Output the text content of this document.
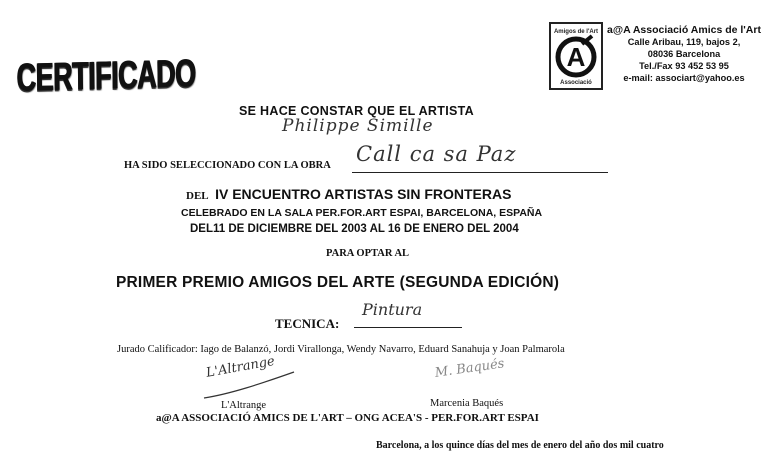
CERTIFICADO
Amigos de l'Art
A
Associació
a@A Associació Amics de l'Art
Calle Aribau, 119, bajos 2,
08036 Barcelona
Tel./Fax 93 452 53 95
e-mail: associart@yahoo.es
SE HACE CONSTAR QUE EL ARTISTA
Philippe Simille
HA SIDO SELECCIONADO CON LA OBRA Call ca sa Paz
DEL IV ENCUENTRO ARTISTAS SIN FRONTERAS
CELEBRADO EN LA SALA PER.FOR.ART ESPAI, BARCELONA, ESPAÑA
DEL11 DE DICIEMBRE DEL 2003 AL 16 DE ENERO DEL 2004
PARA OPTAR AL
PRIMER PREMIO AMIGOS DEL ARTE (SEGUNDA EDICIÓN)
TECNICA:
Pintura
Jurado Calificador: Iago de Balanzó, Jordi Virallonga, Wendy Navarro, Eduard Sanahuja y Joan Palmarola
L'Altrange
L'Altrange
M. Baqués
Marcenia Baqués
a@A ASSOCIACIÓ AMICS DE L'ART – ONG ACEA'S - PER.FOR.ART ESPAI
Barcelona, a los quince días del mes de enero del año dos mil cuatro
